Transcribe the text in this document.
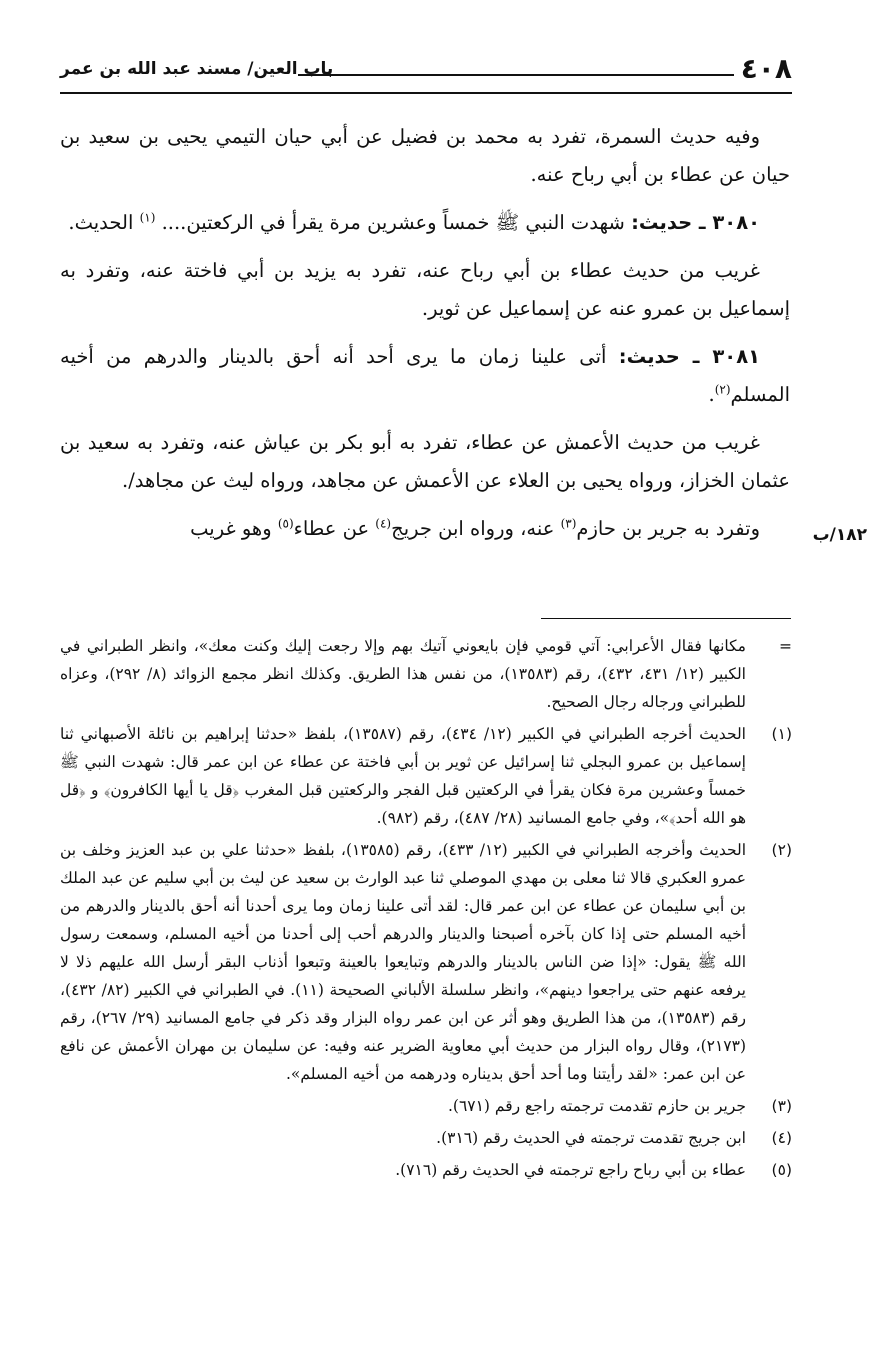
٤٠٨
باب العين/ مسند عبد الله بن عمر

وفيه حديث السمرة، تفرد به محمد بن فضيل عن أبي حيان التيمي يحيى بن سعيد بن حيان عن عطاء بن أبي رباح عنه.

٣٠٨٠ ـ حديث: شهدت النبي ﷺ خمساً وعشرين مرة يقرأ في الركعتين.... $^{(١)}$ الحديث.

غريب من حديث عطاء بن أبي رباح عنه، تفرد به يزيد بن أبي فاختة عنه، وتفرد به إسماعيل بن عمرو عنه عن إسماعيل عن ثوير.

٣٠٨١ ـ حديث: أتى علينا زمان ما يرى أحد أنه أحق بالدينار والدرهم من أخيه المسلم$^{(٢)}$.

غريب من حديث الأعمش عن عطاء، تفرد به أبو بكر بن عياش عنه، وتفرد به سعيد بن عثمان الخزاز، ورواه يحيى بن العلاء عن الأعمش عن مجاهد، ورواه ليث عن مجاهد/.

وتفرد به جرير بن حازم$^{(٣)}$ عنه، ورواه ابن جريج$^{(٤)}$ عن عطاء$^{(٥)}$ وهو غريب	١٨٢/ب
=
مكانها فقال الأعرابي: آتي قومي فإن بايعوني آتيك بهم وإلا رجعت إليك وكنت معك»، وانظر الطبراني في الكبير (١٢/ ٤٣١، ٤٣٢)، رقم (١٣٥٨٣)، من نفس هذا الطريق. وكذلك انظر مجمع الزوائد (٨/ ٢٩٢)، وعزاه للطبراني ورجاله رجال الصحيح.
(١)
الحديث أخرجه الطبراني في الكبير (١٢/ ٤٣٤)، رقم (١٣٥٨٧)، بلفظ «حدثنا إبراهيم بن نائلة الأصبهاني ثنا إسماعيل بن عمرو البجلي ثنا إسرائيل عن ثوير بن أبي فاختة عن عطاء عن ابن عمر قال: شهدت النبي ﷺ خمساً وعشرين مرة فكان يقرأ في الركعتين قبل الفجر والركعتين قبل المغرب ﴿قل يا أيها الكافرون﴾ و ﴿قل هو الله أحد﴾»، وفي جامع المسانيد (٢٨/ ٤٨٧)، رقم (٩٨٢).
(٢)
الحديث وأخرجه الطبراني في الكبير (١٢/ ٤٣٣)، رقم (١٣٥٨٥)، بلفظ «حدثنا علي بن عبد العزيز وخلف بن عمرو العكبري قالا ثنا معلى بن مهدي الموصلي ثنا عبد الوارث بن سعيد عن ليث بن أبي سليم عن عبد الملك بن أبي سليمان عن عطاء عن ابن عمر قال: لقد أتى علينا زمان وما يرى أحدنا أنه أحق بالدينار والدرهم من أخيه المسلم حتى إذا كان بآخره أصبحنا والدينار والدرهم أحب إلى أحدنا من أخيه المسلم، وسمعت رسول الله ﷺ يقول: «إذا ضن الناس بالدينار والدرهم وتبايعوا بالعينة وتبعوا أذناب البقر أرسل الله عليهم ذلا لا يرفعه عنهم حتى يراجعوا دينهم»، وانظر سلسلة الألباني الصحيحة (١١). في الطبراني في الكبير (٨٢/ ٤٣٢)، رقم (١٣٥٨٣)، من هذا الطريق وهو أثر عن ابن عمر رواه البزار وقد ذكر في جامع المسانيد (٢٩/ ٢٦٧)، رقم (٢١٧٣)، وقال رواه البزار من حديث أبي معاوية الضرير عنه وفيه: عن سليمان بن مهران الأعمش عن نافع عن ابن عمر: «لقد رأيتنا وما أحد أحق بديناره ودرهمه من أخيه المسلم».
(٣)
جرير بن حازم تقدمت ترجمته راجع رقم (٦٧١).
(٤)
ابن جريج تقدمت ترجمته في الحديث رقم (٣١٦).
(٥)
عطاء بن أبي رباح راجع ترجمته في الحديث رقم (٧١٦).
